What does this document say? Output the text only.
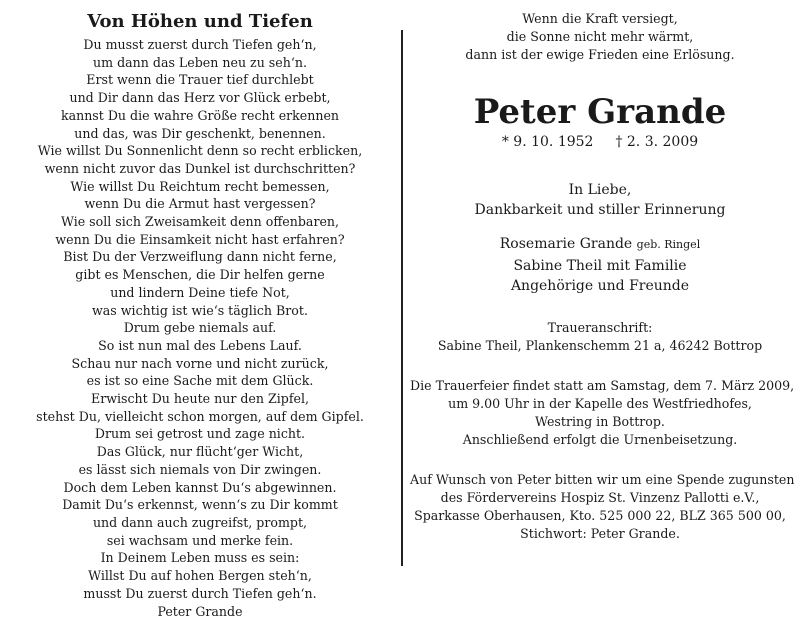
Von Höhen und Tiefen
Du musst zuerst durch Tiefen geh‘n,
um dann das Leben neu zu seh‘n.
Erst wenn die Trauer tief durchlebt
und Dir dann das Herz vor Glück erbebt,
kannst Du die wahre Größe recht erkennen
und das, was Dir geschenkt, benennen.
Wie willst Du Sonnenlicht denn so recht erblicken,
wenn nicht zuvor das Dunkel ist durchschritten?
Wie willst Du Reichtum recht bemessen,
wenn Du die Armut hast vergessen?
Wie soll sich Zweisamkeit denn offenbaren,
wenn Du die Einsamkeit nicht hast erfahren?
Bist Du der Verzweiflung dann nicht ferne,
gibt es Menschen, die Dir helfen gerne
und lindern Deine tiefe Not,
was wichtig ist wie‘s täglich Brot.
Drum gebe niemals auf.
So ist nun mal des Lebens Lauf.
Schau nur nach vorne und nicht zurück,
es ist so eine Sache mit dem Glück.
Erwischt Du heute nur den Zipfel,
stehst Du, vielleicht schon morgen, auf dem Gipfel.
Drum sei getrost und zage nicht.
Das Glück, nur flücht‘ger Wicht,
es lässt sich niemals von Dir zwingen.
Doch dem Leben kannst Du‘s abgewinnen.
Damit Du‘s erkennst, wenn‘s zu Dir kommt
und dann auch zugreifst, prompt,
sei wachsam und merke fein.
In Deinem Leben muss es sein:
Willst Du auf hohen Bergen steh‘n,
musst Du zuerst durch Tiefen geh‘n.
Peter Grande
Wenn die Kraft versiegt,
die Sonne nicht mehr wärmt,
dann ist der ewige Frieden eine Erlösung.
Peter Grande
* 9. 10. 1952 † 2. 3. 2009
In Liebe,
Dankbarkeit und stiller Erinnerung
Rosemarie Grande geb. Ringel
Sabine Theil mit Familie
Angehörige und Freunde
Traueranschrift:
Sabine Theil, Plankenschemm 21 a, 46242 Bottrop
Die Trauerfeier findet statt am Samstag, dem 7. März 2009,
um 9.00 Uhr in der Kapelle des Westfriedhofes,
Westring in Bottrop.
Anschließend erfolgt die Urnenbeisetzung.
Auf Wunsch von Peter bitten wir um eine Spende zugunsten
des Fördervereins Hospiz St. Vinzenz Pallotti e.V.,
Sparkasse Oberhausen, Kto. 525 000 22, BLZ 365 500 00,
Stichwort: Peter Grande.
